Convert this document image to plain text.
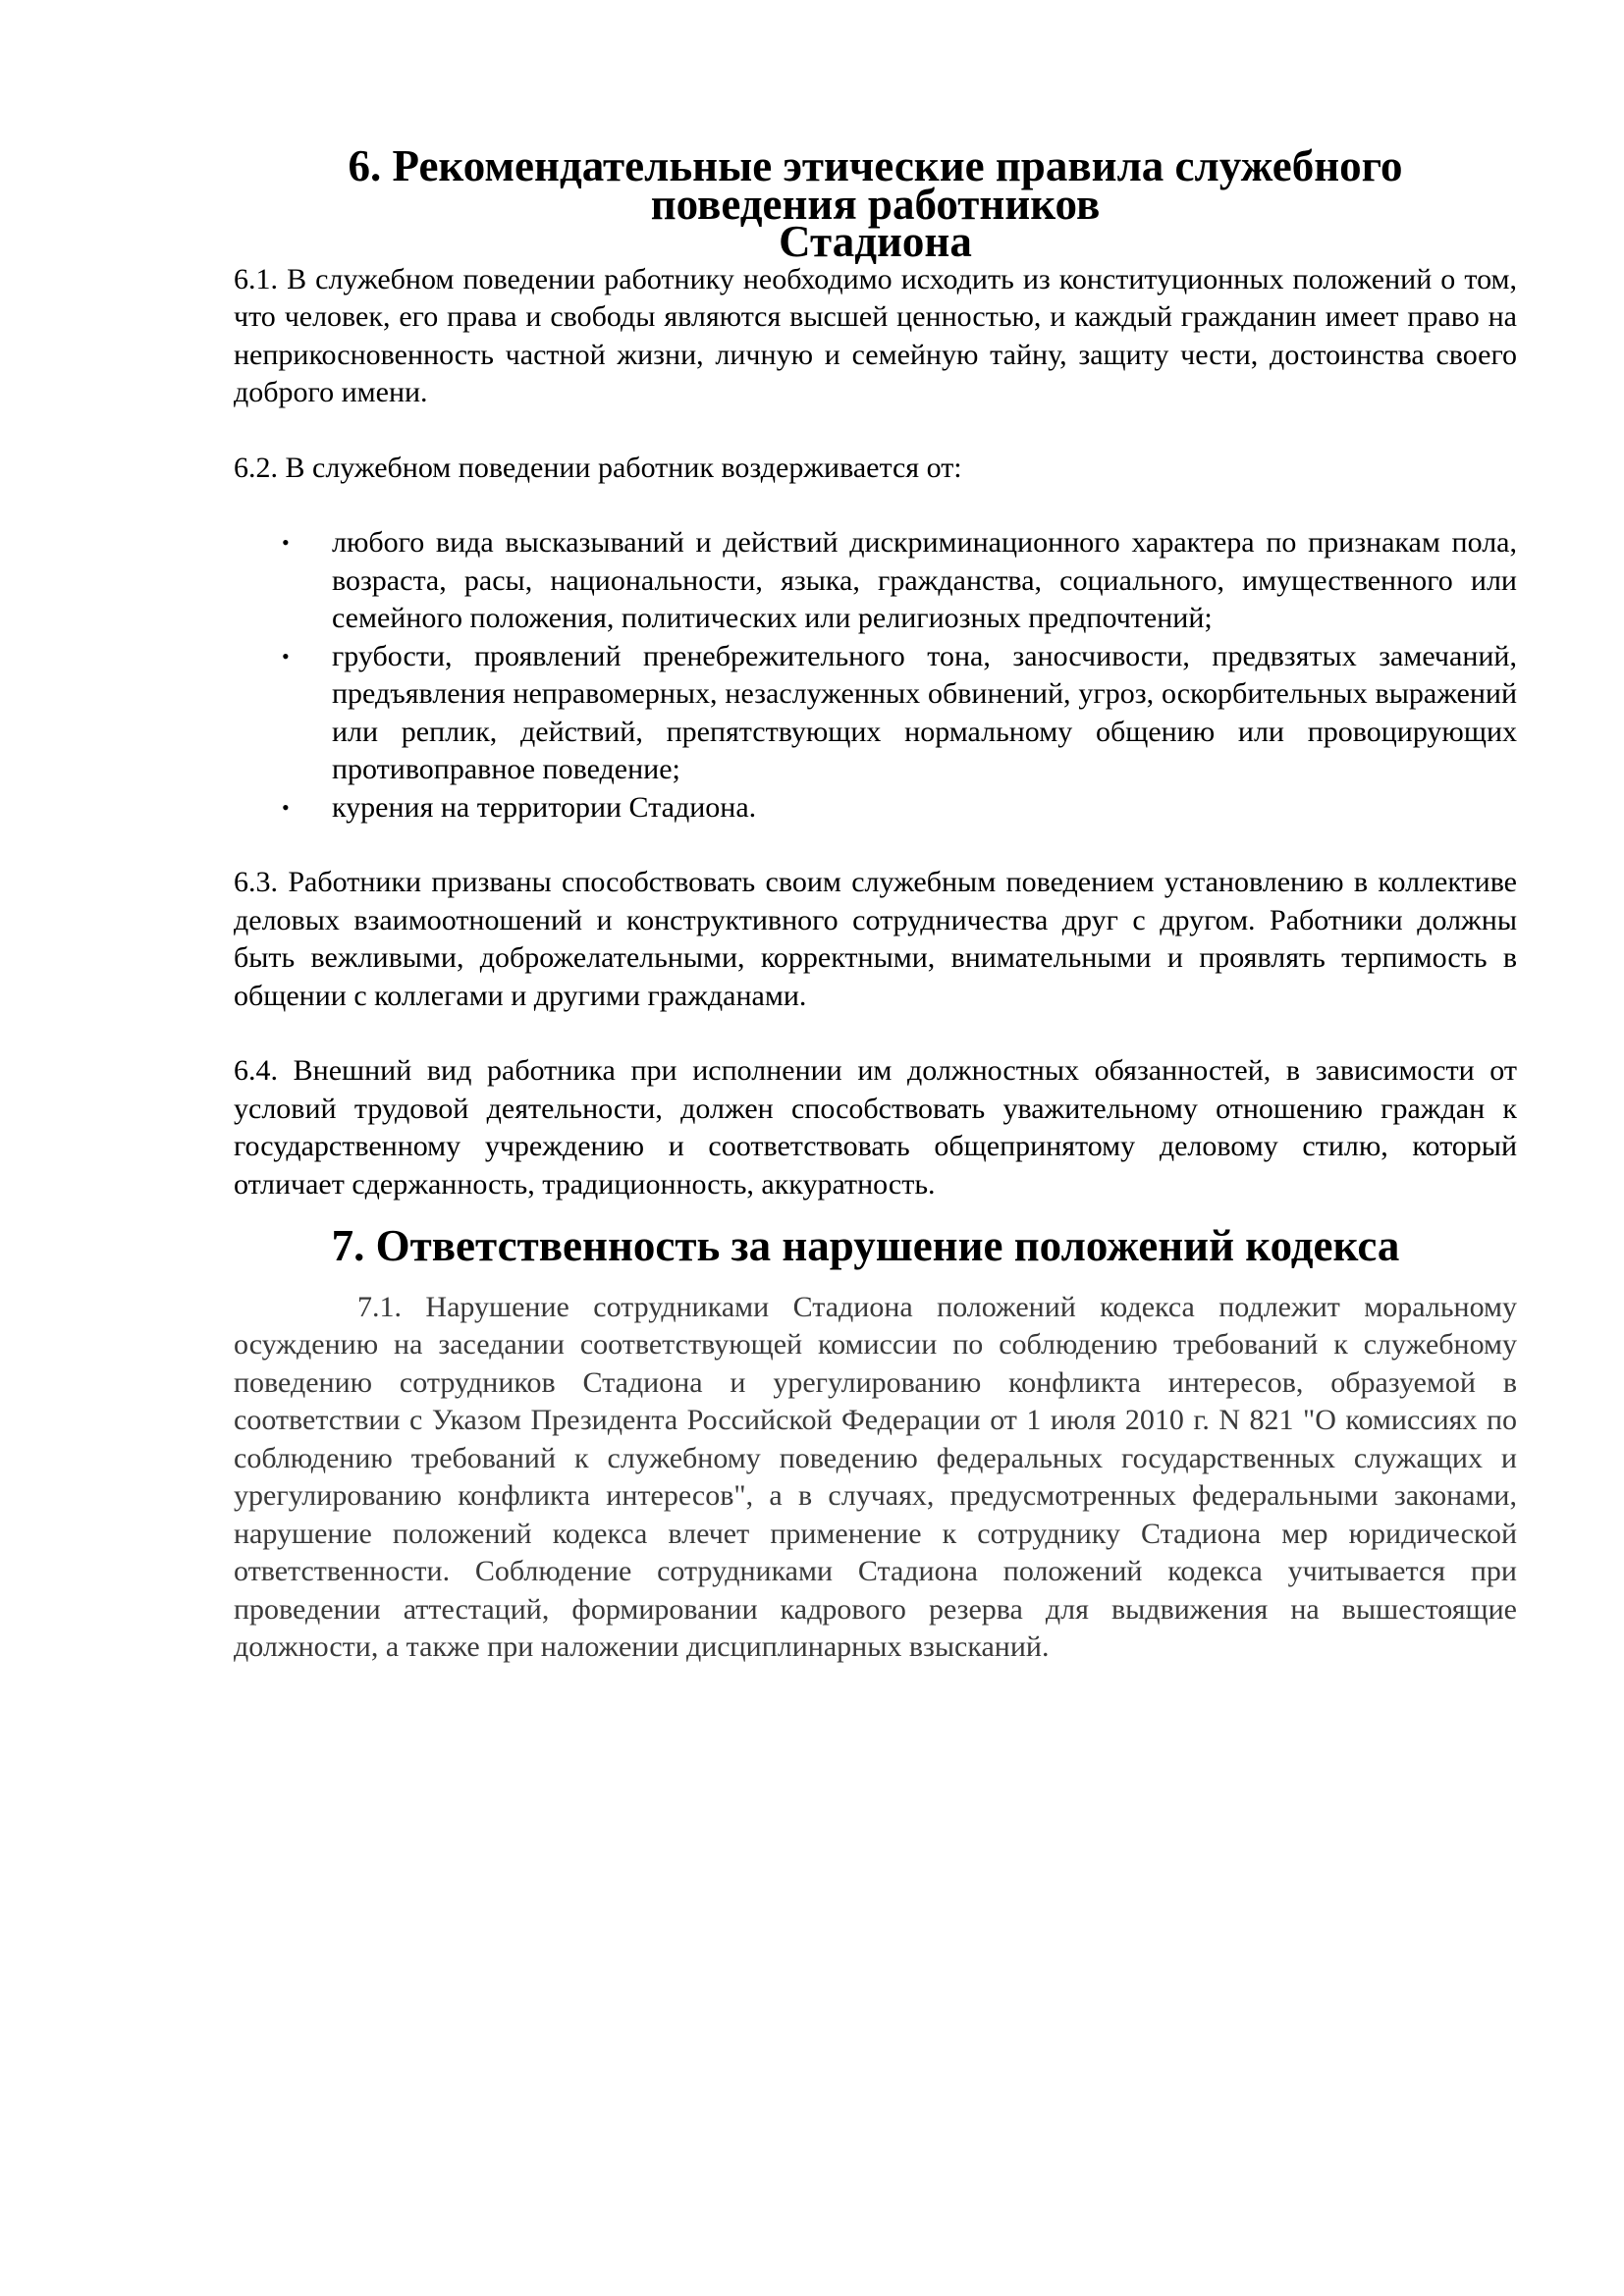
6. Рекомендательные этические правила служебного поведения работников
Стадиона

6.1. В служебном поведении работнику необходимо исходить из конституционных положений о том, что человек, его права и свободы являются высшей ценностью, и каждый гражданин имеет право на неприкосновенность частной жизни, личную и семейную тайну, защиту чести, достоинства своего доброго имени.

6.2. В служебном поведении работник воздерживается от:

• любого вида высказываний и действий дискриминационного характера по признакам пола, возраста, расы, национальности, языка, гражданства, социального, имущественного или семейного положения, политических или религиозных предпочтений;
• грубости, проявлений пренебрежительного тона, заносчивости, предвзятых замечаний, предъявления неправомерных, незаслуженных обвинений, угроз, оскорбительных выражений или реплик, действий, препятствующих нормальному общению или провоцирующих противоправное поведение;
• курения на территории Стадиона.

6.3. Работники призваны способствовать своим служебным поведением установлению в коллективе деловых взаимоотношений и конструктивного сотрудничества друг с другом. Работники должны быть вежливыми, доброжелательными, корректными, внимательными и проявлять терпимость в общении с коллегами и другими гражданами.

6.4. Внешний вид работника при исполнении им должностных обязанностей, в зависимости от условий трудовой деятельности, должен способствовать уважительному отношению граждан к государственному учреждению и соответствовать общепринятому деловому стилю, который отличает сдержанность, традиционность, аккуратность.

7. Ответственность за нарушение положений кодекса

7.1. Нарушение сотрудниками Стадиона положений кодекса подлежит моральному осуждению на заседании соответствующей комиссии по соблюдению требований к служебному поведению сотрудников Стадиона и урегулированию конфликта интересов, образуемой в соответствии с Указом Президента Российской Федерации от 1 июля 2010 г. N 821 "О комиссиях по соблюдению требований к служебному поведению федеральных государственных служащих и урегулированию конфликта интересов", а в случаях, предусмотренных федеральными законами, нарушение положений кодекса влечет применение к сотруднику Стадиона мер юридической ответственности. Соблюдение сотрудниками Стадиона положений кодекса учитывается при проведении аттестаций, формировании кадрового резерва для выдвижения на вышестоящие должности, а также при наложении дисциплинарных взысканий.
